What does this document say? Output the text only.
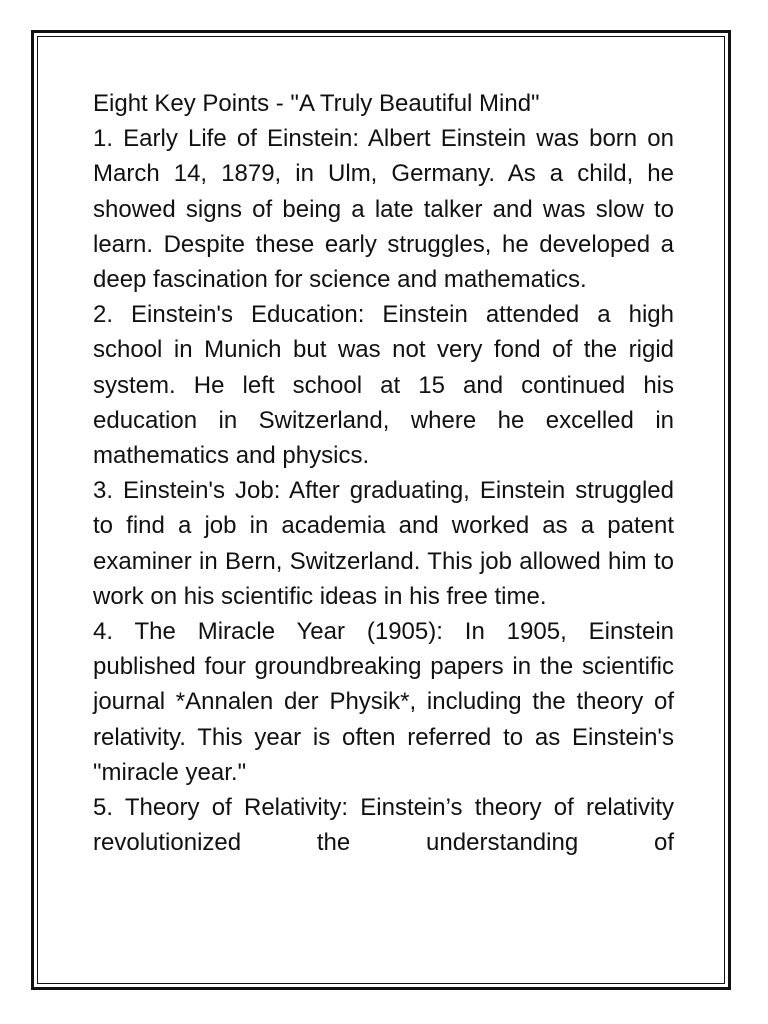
Eight Key Points - "A Truly Beautiful Mind"

1. Early Life of Einstein: Albert Einstein was born on March 14, 1879, in Ulm, Germany. As a child, he showed signs of being a late talker and was slow to learn. Despite these early struggles, he developed a deep fascination for science and mathematics.

2. Einstein's Education: Einstein attended a high school in Munich but was not very fond of the rigid system. He left school at 15 and continued his education in Switzerland, where he excelled in mathematics and physics.

3. Einstein's Job: After graduating, Einstein struggled to find a job in academia and worked as a patent examiner in Bern, Switzerland. This job allowed him to work on his scientific ideas in his free time.

4. The Miracle Year (1905): In 1905, Einstein published four groundbreaking papers in the scientific journal *Annalen der Physik*, including the theory of relativity. This year is often referred to as Einstein's "miracle year."

5. Theory of Relativity: Einstein’s theory of relativity revolutionized the understanding of
